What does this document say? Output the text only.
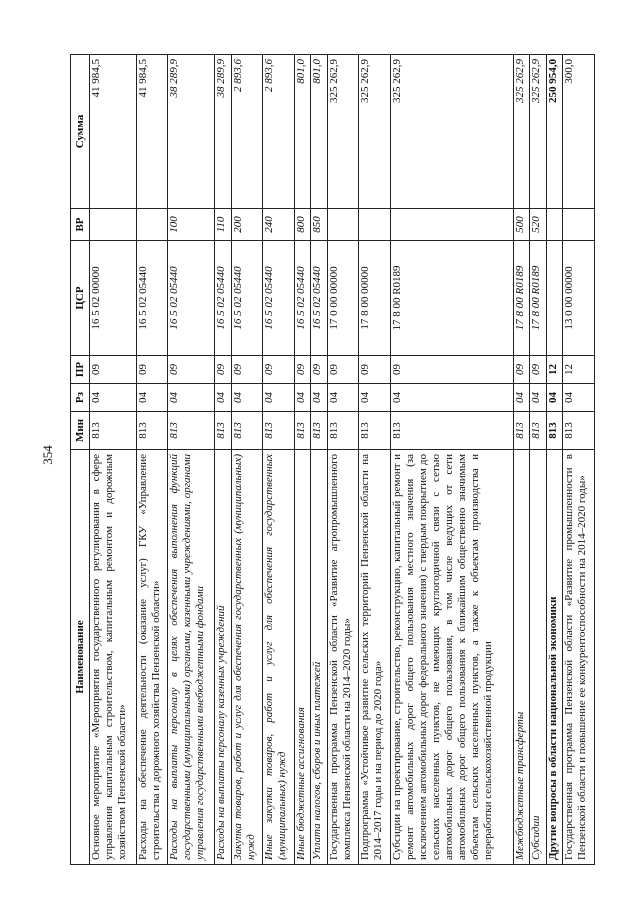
354
Наименование	Мин	Рз	ПР	ЦСР	ВР	Сумма
Основное мероприятие «Мероприятия государственного регулирования в сфере управления капитальным строительством, капитальным ремонтом и дорожным хозяйством Пензенской области»	813	04	09	16 5 02 00000		41 984,5
Расходы на обеспечение деятельности (оказание услуг) ГКУ «Управление строительства и дорожного хозяйства Пензенской области»	813	04	09	16 5 02 05440		41 984,5
Расходы на выплаты персоналу в целях обеспечения выполнения функций государственными (муниципальными) органами, казенными учреждениями, органами управления государственными внебюджетными фондами	813	04	09	16 5 02 05440	100	38 289,9
Расходы на выплаты персоналу казенных учреждений	813	04	09	16 5 02 05440	110	38 289,9
Закупка товаров, работ и услуг для обеспечения государственных (муниципальных) нужд	813	04	09	16 5 02 05440	200	2 893,6
Иные закупки товаров, работ и услуг для обеспечения государственных (муниципальных) нужд	813	04	09	16 5 02 05440	240	2 893,6
Иные бюджетные ассигнования	813	04	09	16 5 02 05440	800	801,0
Уплата налогов, сборов и иных платежей	813	04	09	16 5 02 05440	850	801,0
Государственная программа Пензенской области «Развитие агропромышленного комплекса Пензенской области на 2014–2020 годы»	813	04	09	17 0 00 00000		325 262,9
Подпрограмма «Устойчивое развитие сельских территорий Пензенской области на 2014–2017 годы и на период до 2020 года»	813	04	09	17 8 00 00000		325 262,9
Субсидии на проектирование, строительство, реконструкцию, капитальный ремонт и ремонт автомобильных дорог общего пользования местного значения (за исключением автомобильных дорог федерального значения) с твердым покрытием до сельских населенных пунктов, не имеющих круглогодичной связи с сетью автомобильных дорог общего пользования, в том числе ведущих от сети автомобильных дорог общего пользования к ближайшим общественно значимым объектам сельских населенных пунктов, а также к объектам производства и переработки сельскохозяйственной продукции	813	04	09	17 8 00 R0189		325 262,9
Межбюджетные трансферты	813	04	09	17 8 00 R0189	500	325 262,9
Субсидии	813	04	09	17 8 00 R0189	520	325 262,9
Другие вопросы в области национальной экономики	813	04	12			250 954,0
Государственная программа Пензенской области «Развитие промышленности в Пензенской области и повышение ее конкурентоспособности на 2014–2020 годы»	813	04	12	13 0 00 00000		300,0
